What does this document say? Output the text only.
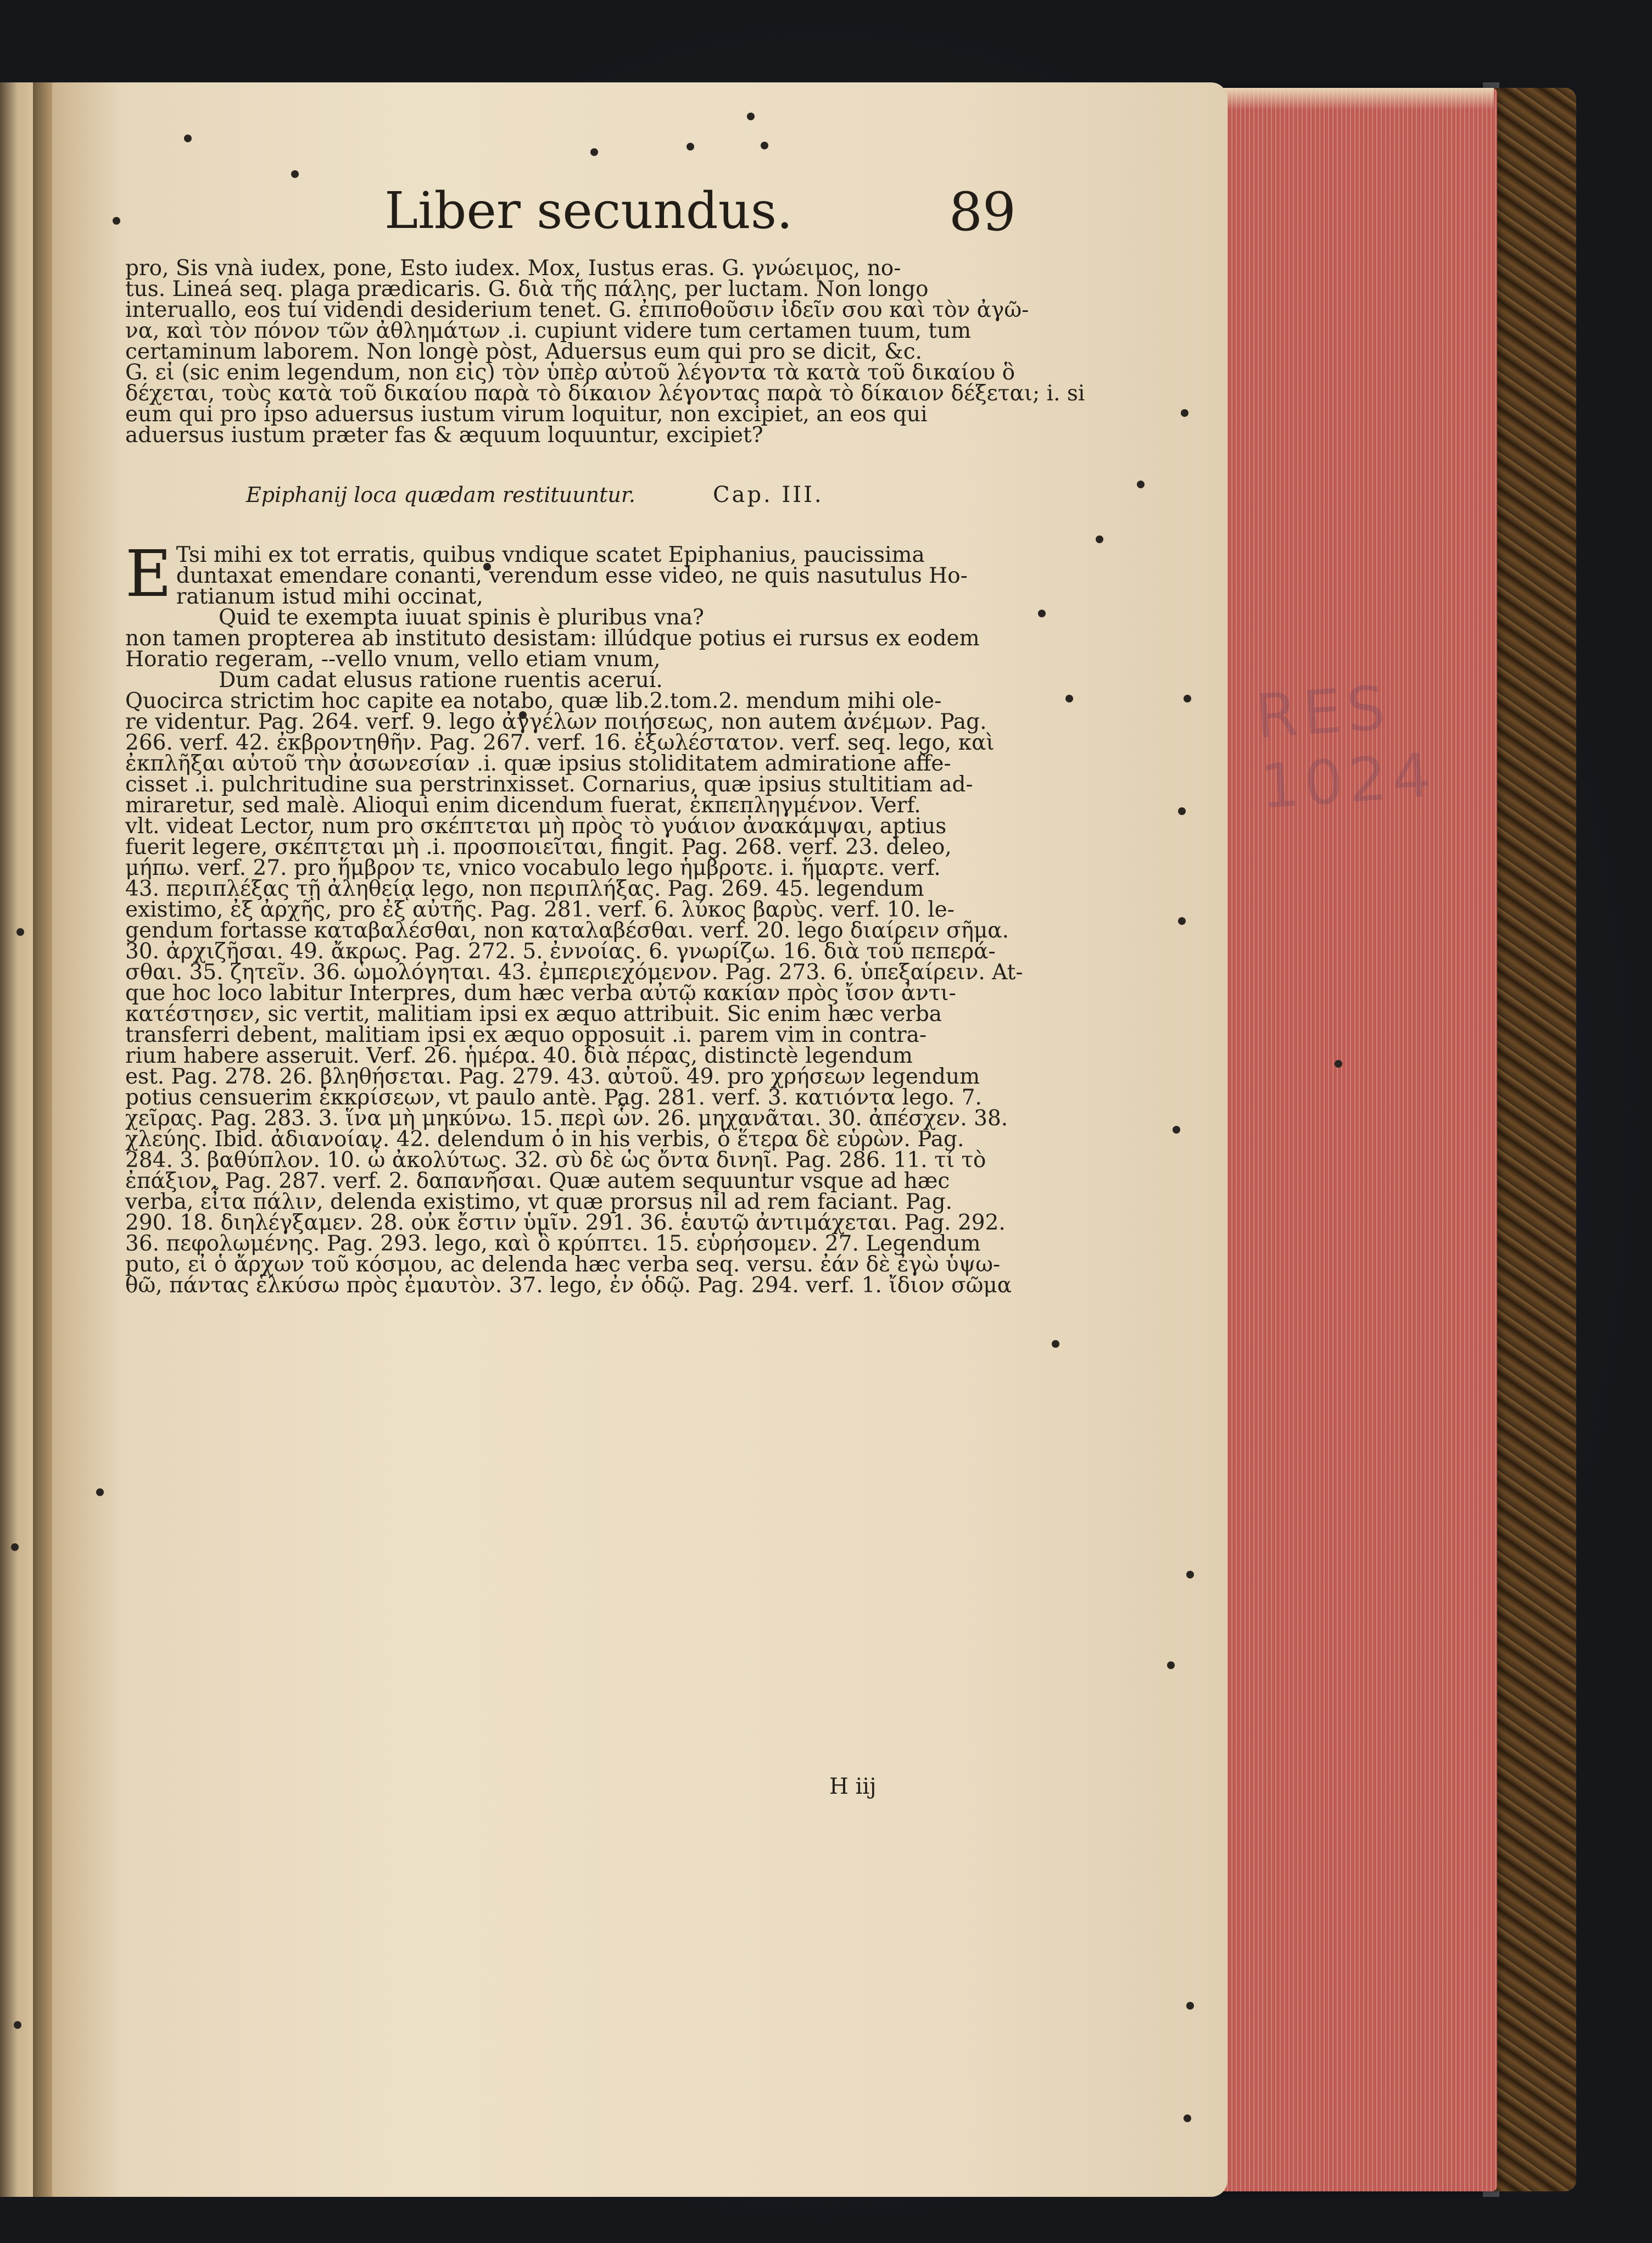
RES 1024
Liber secundus.	89
pro, Sis vnà iudex, pone, Esto iudex. Mox, Iustus eras. G. γνώειμος, no-
tus. Lineá seq. plaga prædicaris. G. διὰ τῆς πάλης, per luctam. Non longo
interuallo, eos tuí videndi desiderium tenet. G. ἐπιποθοῦσιν ἰδεῖν σου καὶ τὸν ἀγῶ-
να, καὶ τὸν πόνον τῶν ἀθλημάτων .i. cupiunt videre tum certamen tuum, tum
certaminum laborem. Non longè pòst, Aduersus eum qui pro se dicit, &c.
G. εἰ (sic enim legendum, non εἰς) τὸν ὑπὲρ αὐτοῦ λέγοντα τὰ κατὰ τοῦ δικαίου ὃ
δέχεται, τοὺς κατὰ τοῦ δικαίου παρὰ τὸ δίκαιον λέγοντας παρὰ τὸ δίκαιον δέξεται; i. si
eum qui pro ipso aduersus iustum virum loquitur, non excipiet, an eos qui
aduersus iustum præter fas & æquum loquuntur, excipiet?
Epiphanij loca quædam restituuntur.	Cap. III.
E Tsi mihi ex tot erratis, quibus vndique scatet Epiphanius, paucissima
duntaxat emendare conanti, verendum esse video, ne quis nasutulus Ho-
ratianum istud mihi occinat,
Quid te exempta iuuat spinis è pluribus vna?
non tamen propterea ab instituto desistam: illúdque potius ei rursus ex eodem
Horatio regeram, --vello vnum, vello etiam vnum,
Dum cadat elusus ratione ruentis aceruí.
Quocirca strictim hoc capite ea notabo, quæ lib.2.tom.2. mendum mihi ole-
re videntur. Pag. 264. verf. 9. lego ἀγγέλων ποιήσεως, non autem ἀνέμων. Pag.
266. verf. 42. ἐκβροντηθῆν. Pag. 267. verf. 16. ἐξωλέστατον. verf. seq. lego, καὶ
ἐκπλῆξαι αὐτοῦ τὴν ἀσωνεσίαν .i. quæ ipsius stoliditatem admiratione affe-
cisset .i. pulchritudine sua perstrinxisset. Cornarius, quæ ipsius stultitiam ad-
miraretur, sed malè. Alioqui enim dicendum fuerat, ἐκπεπληγμένον. Verf.
vlt. videat Lector, num pro σκέπτεται μὴ πρὸς τὸ γυάιον ἀνακάμψαι, aptius
fuerit legere, σκέπτεται μὴ .i. προσποιεῖται, fingit. Pag. 268. verf. 23. deleo,
μήπω. verf. 27. pro ἥμβρον τε, vnico vocabulo lego ἡμβροτε. i. ἥμαρτε. verf.
43. περιπλέξας τῇ ἀληθείᾳ lego, non περιπλήξας. Pag. 269. 45. legendum
existimo, ἐξ ἀρχῆς, pro ἐξ αὐτῆς. Pag. 281. verf. 6. λύκος βαρὺς. verf. 10. le-
gendum fortasse καταβαλέσθαι, non καταλαβέσθαι. verf. 20. lego διαίρειν σῆμα.
30. ἀρχιζῆσαι. 49. ἄκρως. Pag. 272. 5. ἐννοίας. 6. γνωρίζω. 16. διὰ τοῦ πεπερά-
σθαι. 35. ζητεῖν. 36. ὡμολόγηται. 43. ἐμπεριεχόμενον. Pag. 273. 6. ὑπεξαίρειν. At-
que hoc loco labitur Interpres, dum hæc verba αὐτῷ κακίαν πρὸς ἴσον ἀντι-
κατέστησεν, sic vertit, malitiam ipsi ex æquo attribuit. Sic enim hæc verba
transferri debent, malitiam ipsi ex æquo opposuit .i. parem vim in contra-
rium habere asseruit. Verf. 26. ἡμέρα. 40. διὰ πέρας, distinctè legendum
est. Pag. 278. 26. βληθήσεται. Pag. 279. 43. αὐτοῦ. 49. pro χρήσεων legendum
potius censuerim ἐκκρίσεων, vt paulo antè. Pag. 281. verf. 3. κατιόντα lego. 7.
χεῖρας. Pag. 283. 3. ἵνα μὴ μηκύνω. 15. περὶ ὧν. 26. μηχανᾶται. 30. ἀπέσχεν. 38.
χλεύης. Ibid. ἀδιανοίαν. 42. delendum ὁ in his verbis, ὁ ἕτερα δὲ εὑρὼν. Pag.
284. 3. βαθύπλον. 10. ὦ ἀκολύτως. 32. σὺ δὲ ὡς ὄντα δινηῖ. Pag. 286. 11. τί τὸ
ἐπάξιον. Pag. 287. verf. 2. δαπανῆσαι. Quæ autem sequuntur vsque ad hæc
verba, εἶτα πάλιν, delenda existimo, vt quæ prorsus nil ad rem faciant. Pag.
290. 18. διηλέγξαμεν. 28. οὐκ ἔστιν ὑμῖν. 291. 36. ἑαυτῷ ἀντιμάχεται. Pag. 292.
36. πεφολωμένης. Pag. 293. lego, καὶ ὃ κρύπτει. 15. εὑρήσομεν. 27. Legendum
puto, εἰ ὁ ἄρχων τοῦ κόσμου, ac delenda hæc verba seq. versu. ἐάν δὲ ἐγὼ ὑψω-
θῶ, πάντας ἑλκύσω πρὸς ἐμαυτὸν. 37. lego, ἐν ὁδῷ. Pag. 294. verf. 1. ἴδιον σῶμα
H iij
